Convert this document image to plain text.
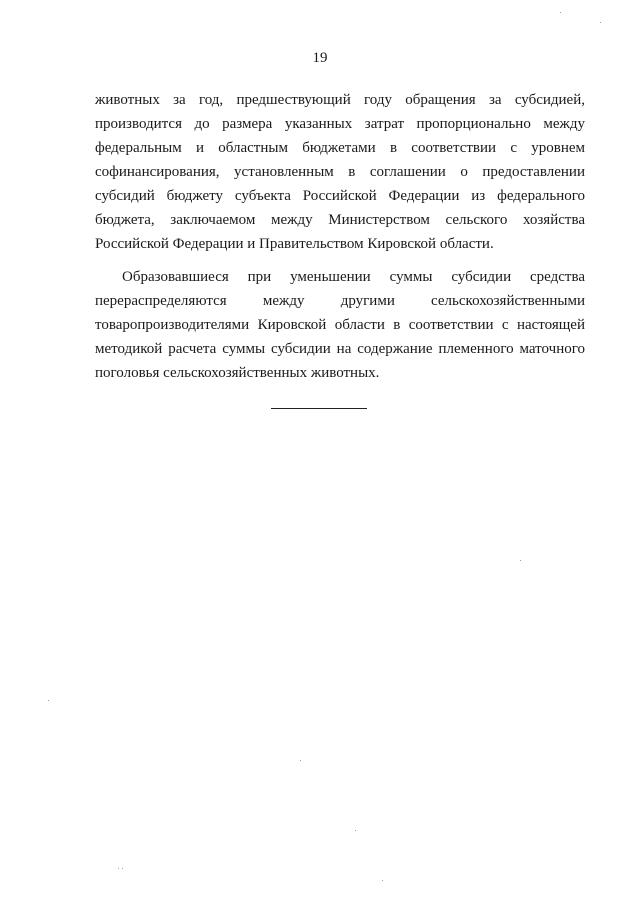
19
животных за год, предшествующий году обращения за субсидией,
производится до размера указанных затрат пропорционально между
федеральным и областным бюджетами в соответствии с уровнем
софинансирования, установленным в соглашении о предоставлении
субсидий бюджету субъекта Российской Федерации из федерального
бюджета, заключаемом между Министерством сельского хозяйства
Российской Федерации и Правительством Кировской области.
Образовавшиеся при уменьшении суммы субсидии средства
перераспределяются между другими сельскохозяйственными
товаропроизводителями Кировской области в соответствии с настоящей
методикой расчета суммы субсидии на содержание племенного маточного
поголовья сельскохозяйственных животных.
